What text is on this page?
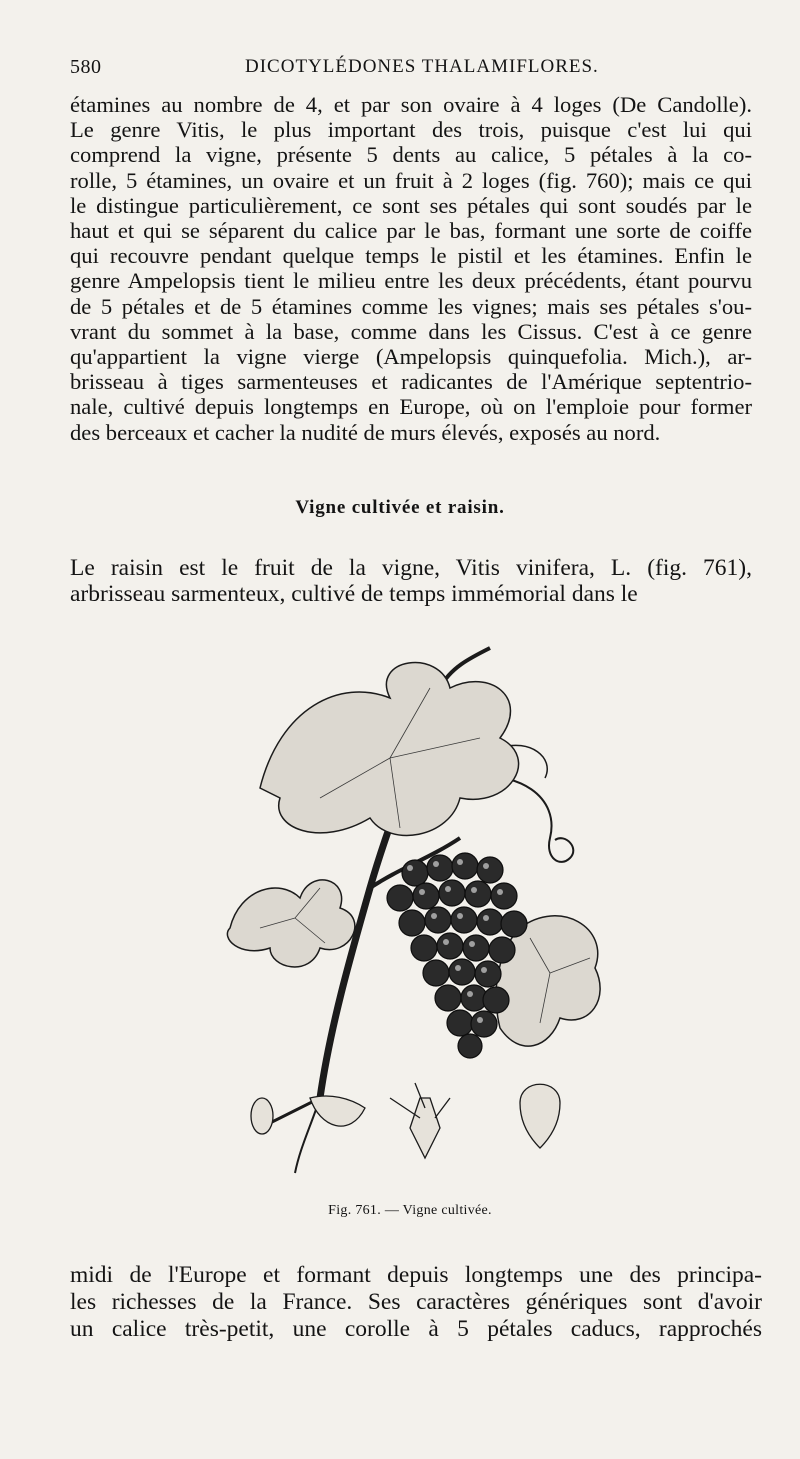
580	DICOTYLÉDONES THALAMIFLORES.
étamines au nombre de 4, et par son ovaire à 4 loges (De Candolle).
Le genre Vitis, le plus important des trois, puisque c'est lui qui
comprend la vigne, présente 5 dents au calice, 5 pétales à la co-
rolle, 5 étamines, un ovaire et un fruit à 2 loges (fig. 760); mais ce qui
le distingue particulièrement, ce sont ses pétales qui sont soudés par le
haut et qui se séparent du calice par le bas, formant une sorte de coiffe
qui recouvre pendant quelque temps le pistil et les étamines. Enfin le
genre Ampelopsis tient le milieu entre les deux précédents, étant pourvu
de 5 pétales et de 5 étamines comme les vignes; mais ses pétales s'ou-
vrant du sommet à la base, comme dans les Cissus. C'est à ce genre
qu'appartient la vigne vierge (Ampelopsis quinquefolia. Mich.), ar-
brisseau à tiges sarmenteuses et radicantes de l'Amérique septentrio-
nale, cultivé depuis longtemps en Europe, où on l'emploie pour former
des berceaux et cacher la nudité de murs élevés, exposés au nord.
Vigne cultivée et raisin.
Le raisin est le fruit de la vigne, Vitis vinifera, L. (fig. 761),
arbrisseau sarmenteux, cultivé de temps immémorial dans le
Fig. 761. — Vigne cultivée.
midi de l'Europe et formant depuis longtemps une des principa-
les richesses de la France. Ses caractères génériques sont d'avoir
un calice très-petit, une corolle à 5 pétales caducs, rapprochés
